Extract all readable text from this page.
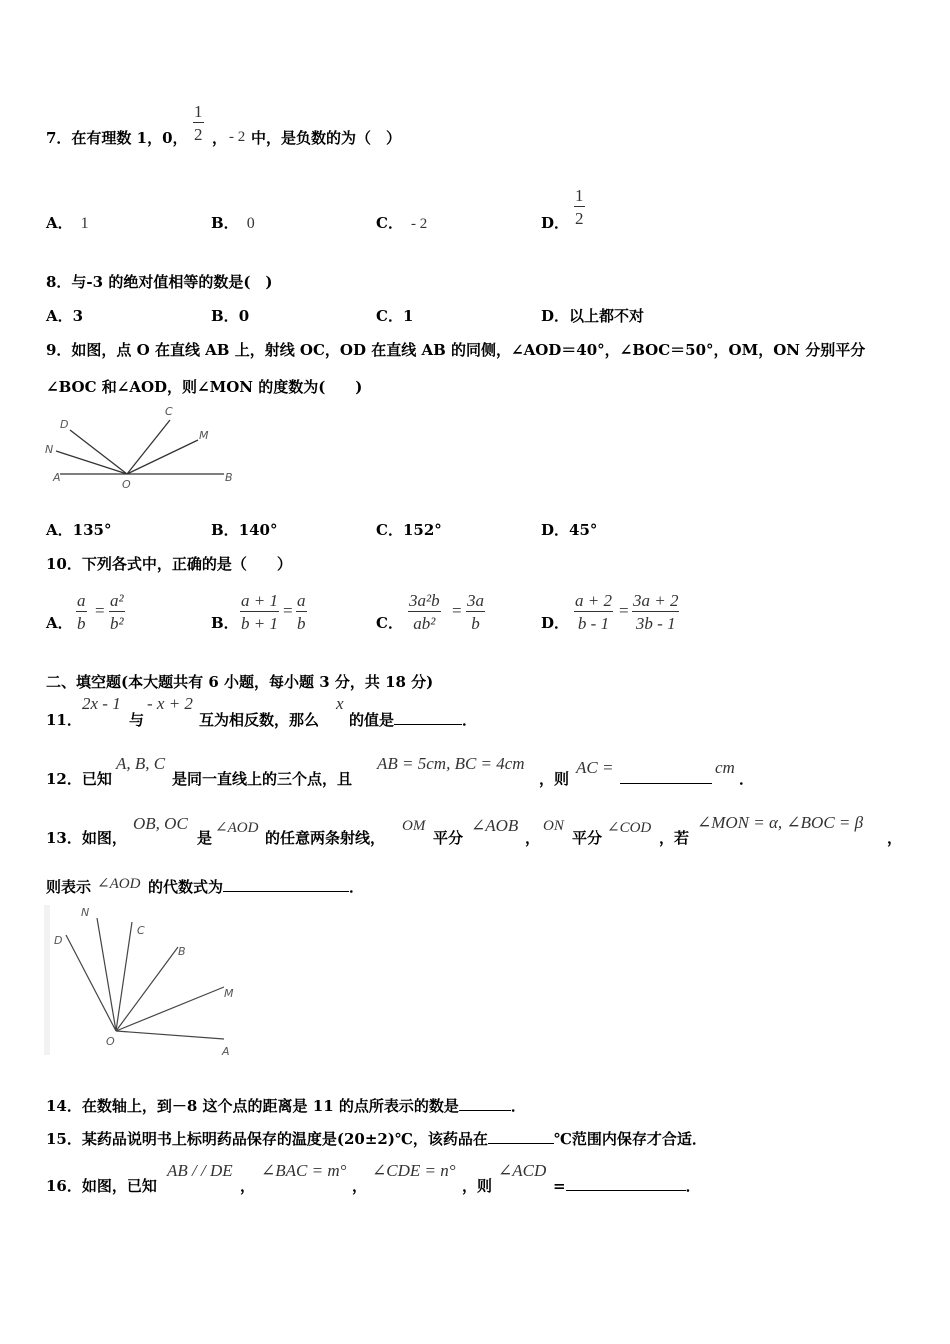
7．在有理数 1，0， $\frac{1}{2}$ ， - 2 中，是负数的为（　）
A． 1	B． 0	C． - 2	D． $\frac{1}{2}$
8．与-3 的绝对值相等的数是(　)
A．3	B．0	C．1	D．以上都不对
9．如图，点 O 在直线 AB 上，射线 OC，OD 在直线 AB 的同侧，∠AOD＝40°，∠BOC＝50°，OM，ON 分别平分
∠BOC 和∠AOD，则∠MON 的度数为(　　)
D
N
A
O
C
M
B
A．135°	B．140°	C．152°	D．45°
10．下列各式中，正确的是（　　）
A． $\frac{a}{b} = \frac{\text{a²}}{\text{b²}}$	B． $\frac{a + 1}{b + 1} = \frac{a}{b}$	C． $\frac{\text{3a²b}}{\text{ab²}} = \frac{3a}{b}$	D． $\frac{a + 2}{b - 1} = \frac{3a + 2}{3b - 1}$
二、填空题(本大题共有 6 小题，每小题 3 分，共 18 分)
11．
2x - 1
与
- x + 2
互为相反数，那么
x
的值是	．
12．已知
A, B, C
是同一直线上的三个点，且
AB = 5cm, BC = 4cm
，则
AC =	cm
．
13．如图，
OB, OC
是
∠AOD
的任意两条射线，
OM
平分
∠AOB
，
ON
平分
∠COD
，若
∠MON = α, ∠BOC = β
，
则表示 ∠AOD 的代数式为	．
N
D
C
B
M
O
A
14．在数轴上，到－8 这个点的距离是 11 的点所表示的数是	．
15．某药品说明书上标明药品保存的温度是(20±2)℃，该药品在	℃范围内保存才合适．
16．如图，已知
AB / / DE
，
∠BAC = m°
，
∠CDE = n°
，则
∠ACD
=	．
